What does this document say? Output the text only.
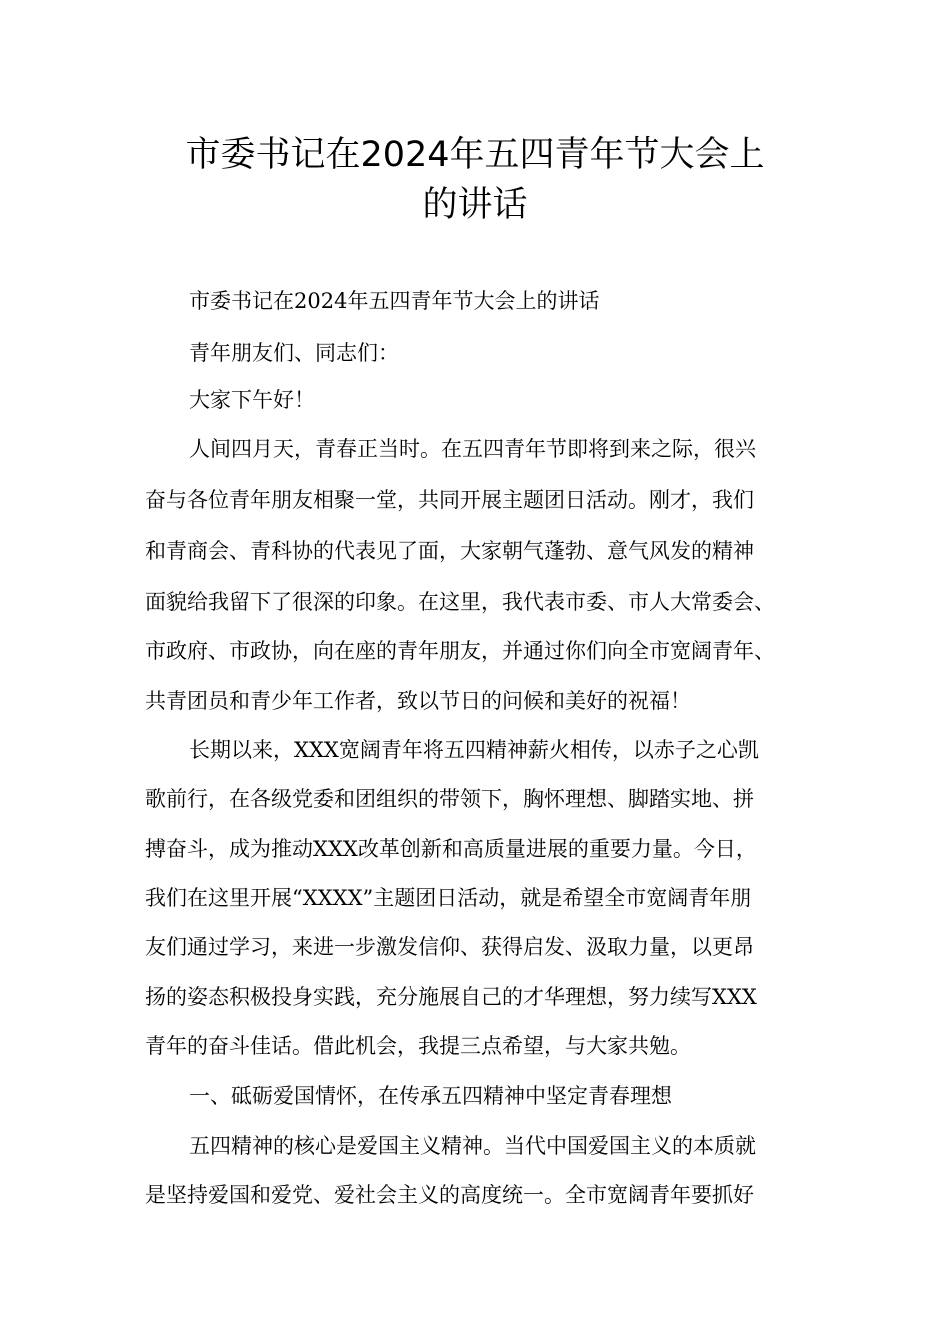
市委书记在2024年五四青年节大会上
的讲话
市委书记在2024年五四青年节大会上的讲话
青年朋友们、同志们：
大家下午好！
人间四月天，青春正当时。在五四青年节即将到来之际，很兴
奋与各位青年朋友相聚一堂，共同开展主题团日活动。刚才，我们
和青商会、青科协的代表见了面，大家朝气蓬勃、意气风发的精神
面貌给我留下了很深的印象。在这里，我代表市委、市人大常委会、
市政府、市政协，向在座的青年朋友，并通过你们向全市宽阔青年、
共青团员和青少年工作者，致以节日的问候和美好的祝福！
长期以来，XXX宽阔青年将五四精神薪火相传，以赤子之心凯
歌前行，在各级党委和团组织的带领下，胸怀理想、脚踏实地、拼
搏奋斗，成为推动XXX改革创新和高质量进展的重要力量。今日，
我们在这里开展“XXXX”主题团日活动，就是希望全市宽阔青年朋
友们通过学习，来进一步激发信仰、获得启发、汲取力量，以更昂
扬的姿态积极投身实践，充分施展自己的才华理想，努力续写XXX
青年的奋斗佳话。借此机会，我提三点希望，与大家共勉。
一、砥砺爱国情怀，在传承五四精神中坚定青春理想
五四精神的核心是爱国主义精神。当代中国爱国主义的本质就
是坚持爱国和爱党、爱社会主义的高度统一。全市宽阔青年要抓好
